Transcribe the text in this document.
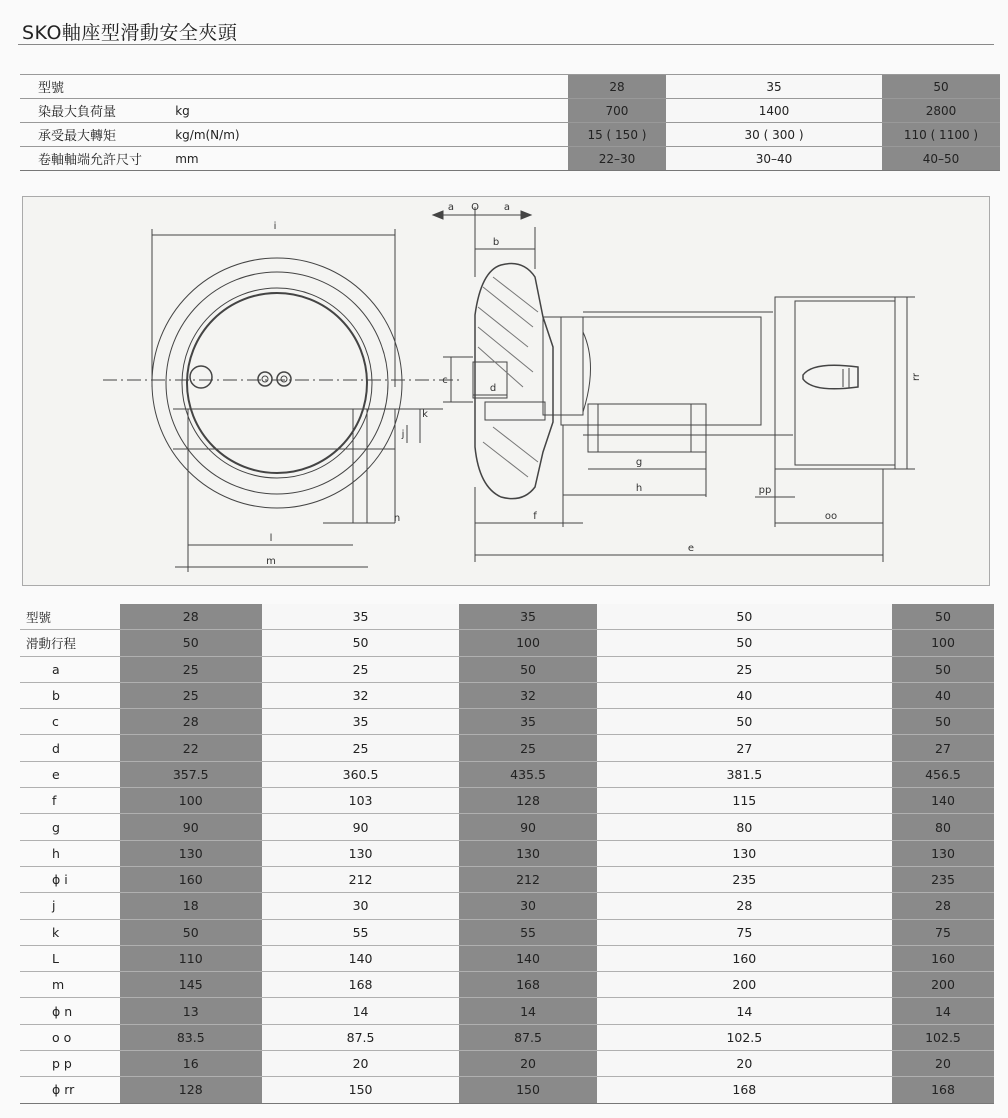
SKO軸座型滑動安全夾頭
型號		28	35	50
染最大負荷量	kg	700	1400	2800
承受最大轉矩	kg/m(N/m)	15 ( 150 )	30 ( 300 )	110 ( 1100 )
卷軸軸端允許尺寸	mm	22–30	30–40	40–50
i
a O a
b
c
d
k
j
n
l
m
f
e
g
h	pp
oo
rr
型號	28	35	35	50	50
滑動行程	50	50	100	50	100
a	25	25	50	25	50
b	25	32	32	40	40
c	28	35	35	50	50
d	22	25	25	27	27
e	357.5	360.5	435.5	381.5	456.5
f	100	103	128	115	140
g	90	90	90	80	80
h	130	130	130	130	130
ϕ i	160	212	212	235	235
j	18	30	30	28	28
k	50	55	55	75	75
L	110	140	140	160	160
m	145	168	168	200	200
ϕ n	13	14	14	14	14
o o	83.5	87.5	87.5	102.5	102.5
p p	16	20	20	20	20
ϕ rr	128	150	150	168	168
